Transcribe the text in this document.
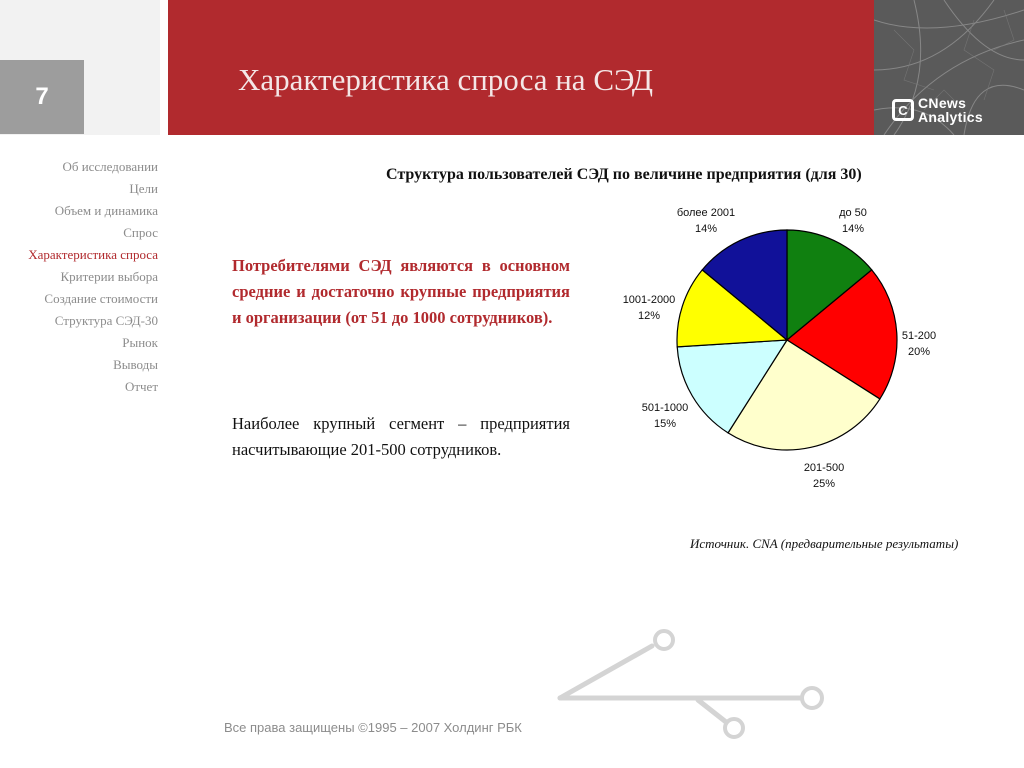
7	Характеристика спроса на СЭД
C CNews
Analytics
Об исследовании
Цели
Объем и динамика
Спрос
Характеристика спроса
Критерии выбора
Создание стоимости
Структура СЭД-30
Рынок
Выводы
Отчет
Структура пользователей СЭД по величине предприятия (для 30)
Потребителями СЭД являются в основном средние и достаточно крупные предприятия и организации (от 51 до 1000 сотрудников).
Наиболее крупный сегмент – предприятия насчитывающие 201-500 сотрудников.
до 50
14%
51-200
20%
201-500
25%
501-1000
15%
1001-2000
12%
более 2001
14%
Источник. CNA (предварительные результаты)
Все права защищены ©1995 – 2007 Холдинг РБК
